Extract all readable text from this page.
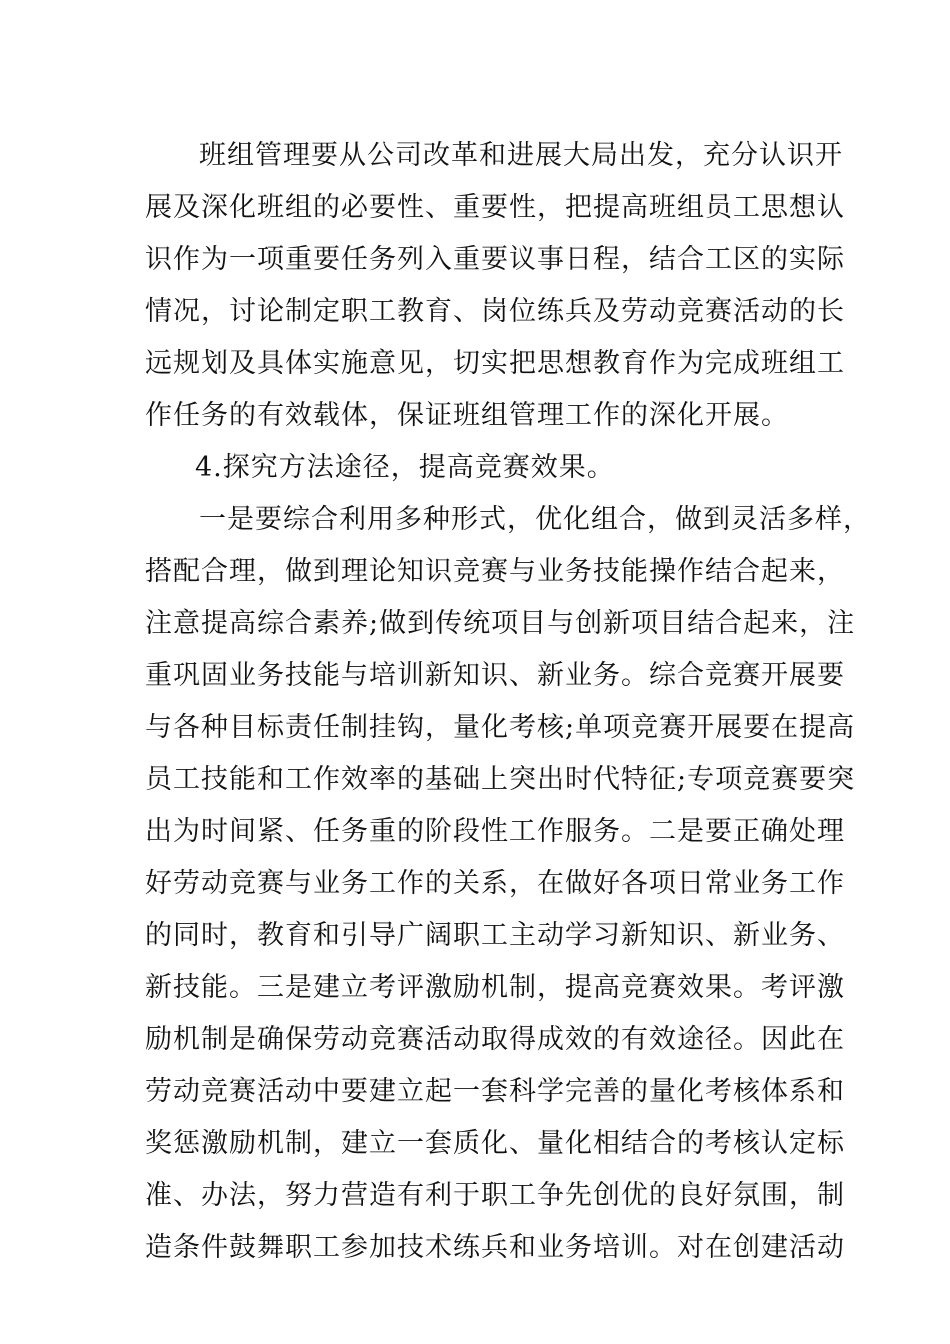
班组管理要从公司改革和进展大局出发，充分认识开
展及深化班组的必要性、重要性，把提高班组员工思想认
识作为一项重要任务列入重要议事日程，结合工区的实际
情况，讨论制定职工教育、岗位练兵及劳动竞赛活动的长
远规划及具体实施意见，切实把思想教育作为完成班组工
作任务的有效载体，保证班组管理工作的深化开展。
4.探究方法途径，提高竞赛效果。
一是要综合利用多种形式，优化组合，做到灵活多样，
搭配合理，做到理论知识竞赛与业务技能操作结合起来，
注意提高综合素养;做到传统项目与创新项目结合起来，注
重巩固业务技能与培训新知识、新业务。综合竞赛开展要
与各种目标责任制挂钩，量化考核;单项竞赛开展要在提高
员工技能和工作效率的基础上突出时代特征;专项竞赛要突
出为时间紧、任务重的阶段性工作服务。二是要正确处理
好劳动竞赛与业务工作的关系，在做好各项日常业务工作
的同时，教育和引导广阔职工主动学习新知识、新业务、
新技能。三是建立考评激励机制，提高竞赛效果。考评激
励机制是确保劳动竞赛活动取得成效的有效途径。因此在
劳动竞赛活动中要建立起一套科学完善的量化考核体系和
奖惩激励机制，建立一套质化、量化相结合的考核认定标
准、办法，努力营造有利于职工争先创优的良好氛围，制
造条件鼓舞职工参加技术练兵和业务培训。对在创建活动
